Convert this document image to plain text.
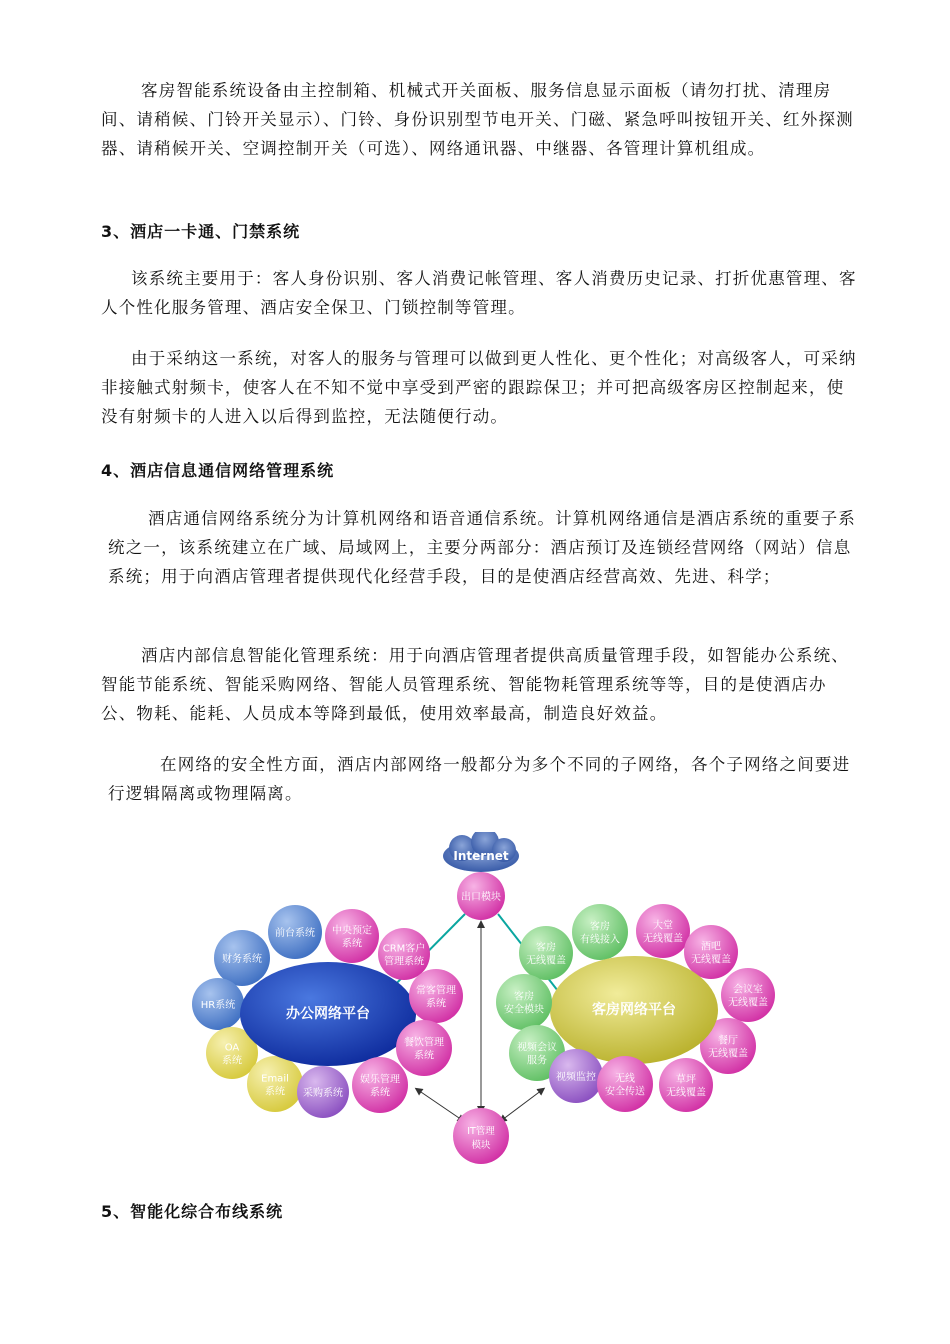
客房智能系统设备由主控制箱、机械式开关面板、服务信息显示面板（请勿打扰、清理房间、请稍候、门铃开关显示）、门铃、身份识别型节电开关、门磁、紧急呼叫按钮开关、红外探测器、请稍候开关、空调控制开关（可选）、网络通讯器、中继器、各管理计算机组成。

3、酒店一卡通、门禁系统

该系统主要用于：客人身份识别、客人消费记帐管理、客人消费历史记录、打折优惠管理、客人个性化服务管理、酒店安全保卫、门锁控制等管理。

由于采纳这一系统，对客人的服务与管理可以做到更人性化、更个性化；对高级客人，可采纳非接触式射频卡，使客人在不知不觉中享受到严密的跟踪保卫；并可把高级客房区控制起来，使没有射频卡的人进入以后得到监控，无法随便行动。

4、酒店信息通信网络管理系统

酒店通信网络系统分为计算机网络和语音通信系统。计算机网络通信是酒店系统的重要子系统之一，该系统建立在广域、局域网上，主要分两部分：酒店预订及连锁经营网络（网站）信息系统；用于向酒店管理者提供现代化经营手段，目的是使酒店经营高效、先进、科学；

酒店内部信息智能化管理系统：用于向酒店管理者提供高质量管理手段，如智能办公系统、智能节能系统、智能采购网络、智能人员管理系统、智能物耗管理系统等等，目的是使酒店办公、物耗、能耗、人员成本等降到最低，使用效率最高，制造良好效益。

在网络的安全性方面，酒店内部网络一般都分为多个不同的子网络，各个子网络之间要进行逻辑隔离或物理隔离。

Internet
出口模块
IT管理
模块
前台系统 中央预定
系统
财务系统
HR系统
OA
系统
Email
系统
客房
有线接入
大堂
无线覆盖
酒吧
无线覆盖
会议室
无线覆盖
餐厅
无线覆盖
办公网络平台	客房网络平台
CRM客户
管理系统
常客管理
系统
餐饮管理
系统
娱乐管理
系统
采购系统
客房
无线覆盖
客房
安全模块
视频会议
服务
视频监控 无线
安全传送
草坪
无线覆盖

5、智能化综合布线系统
